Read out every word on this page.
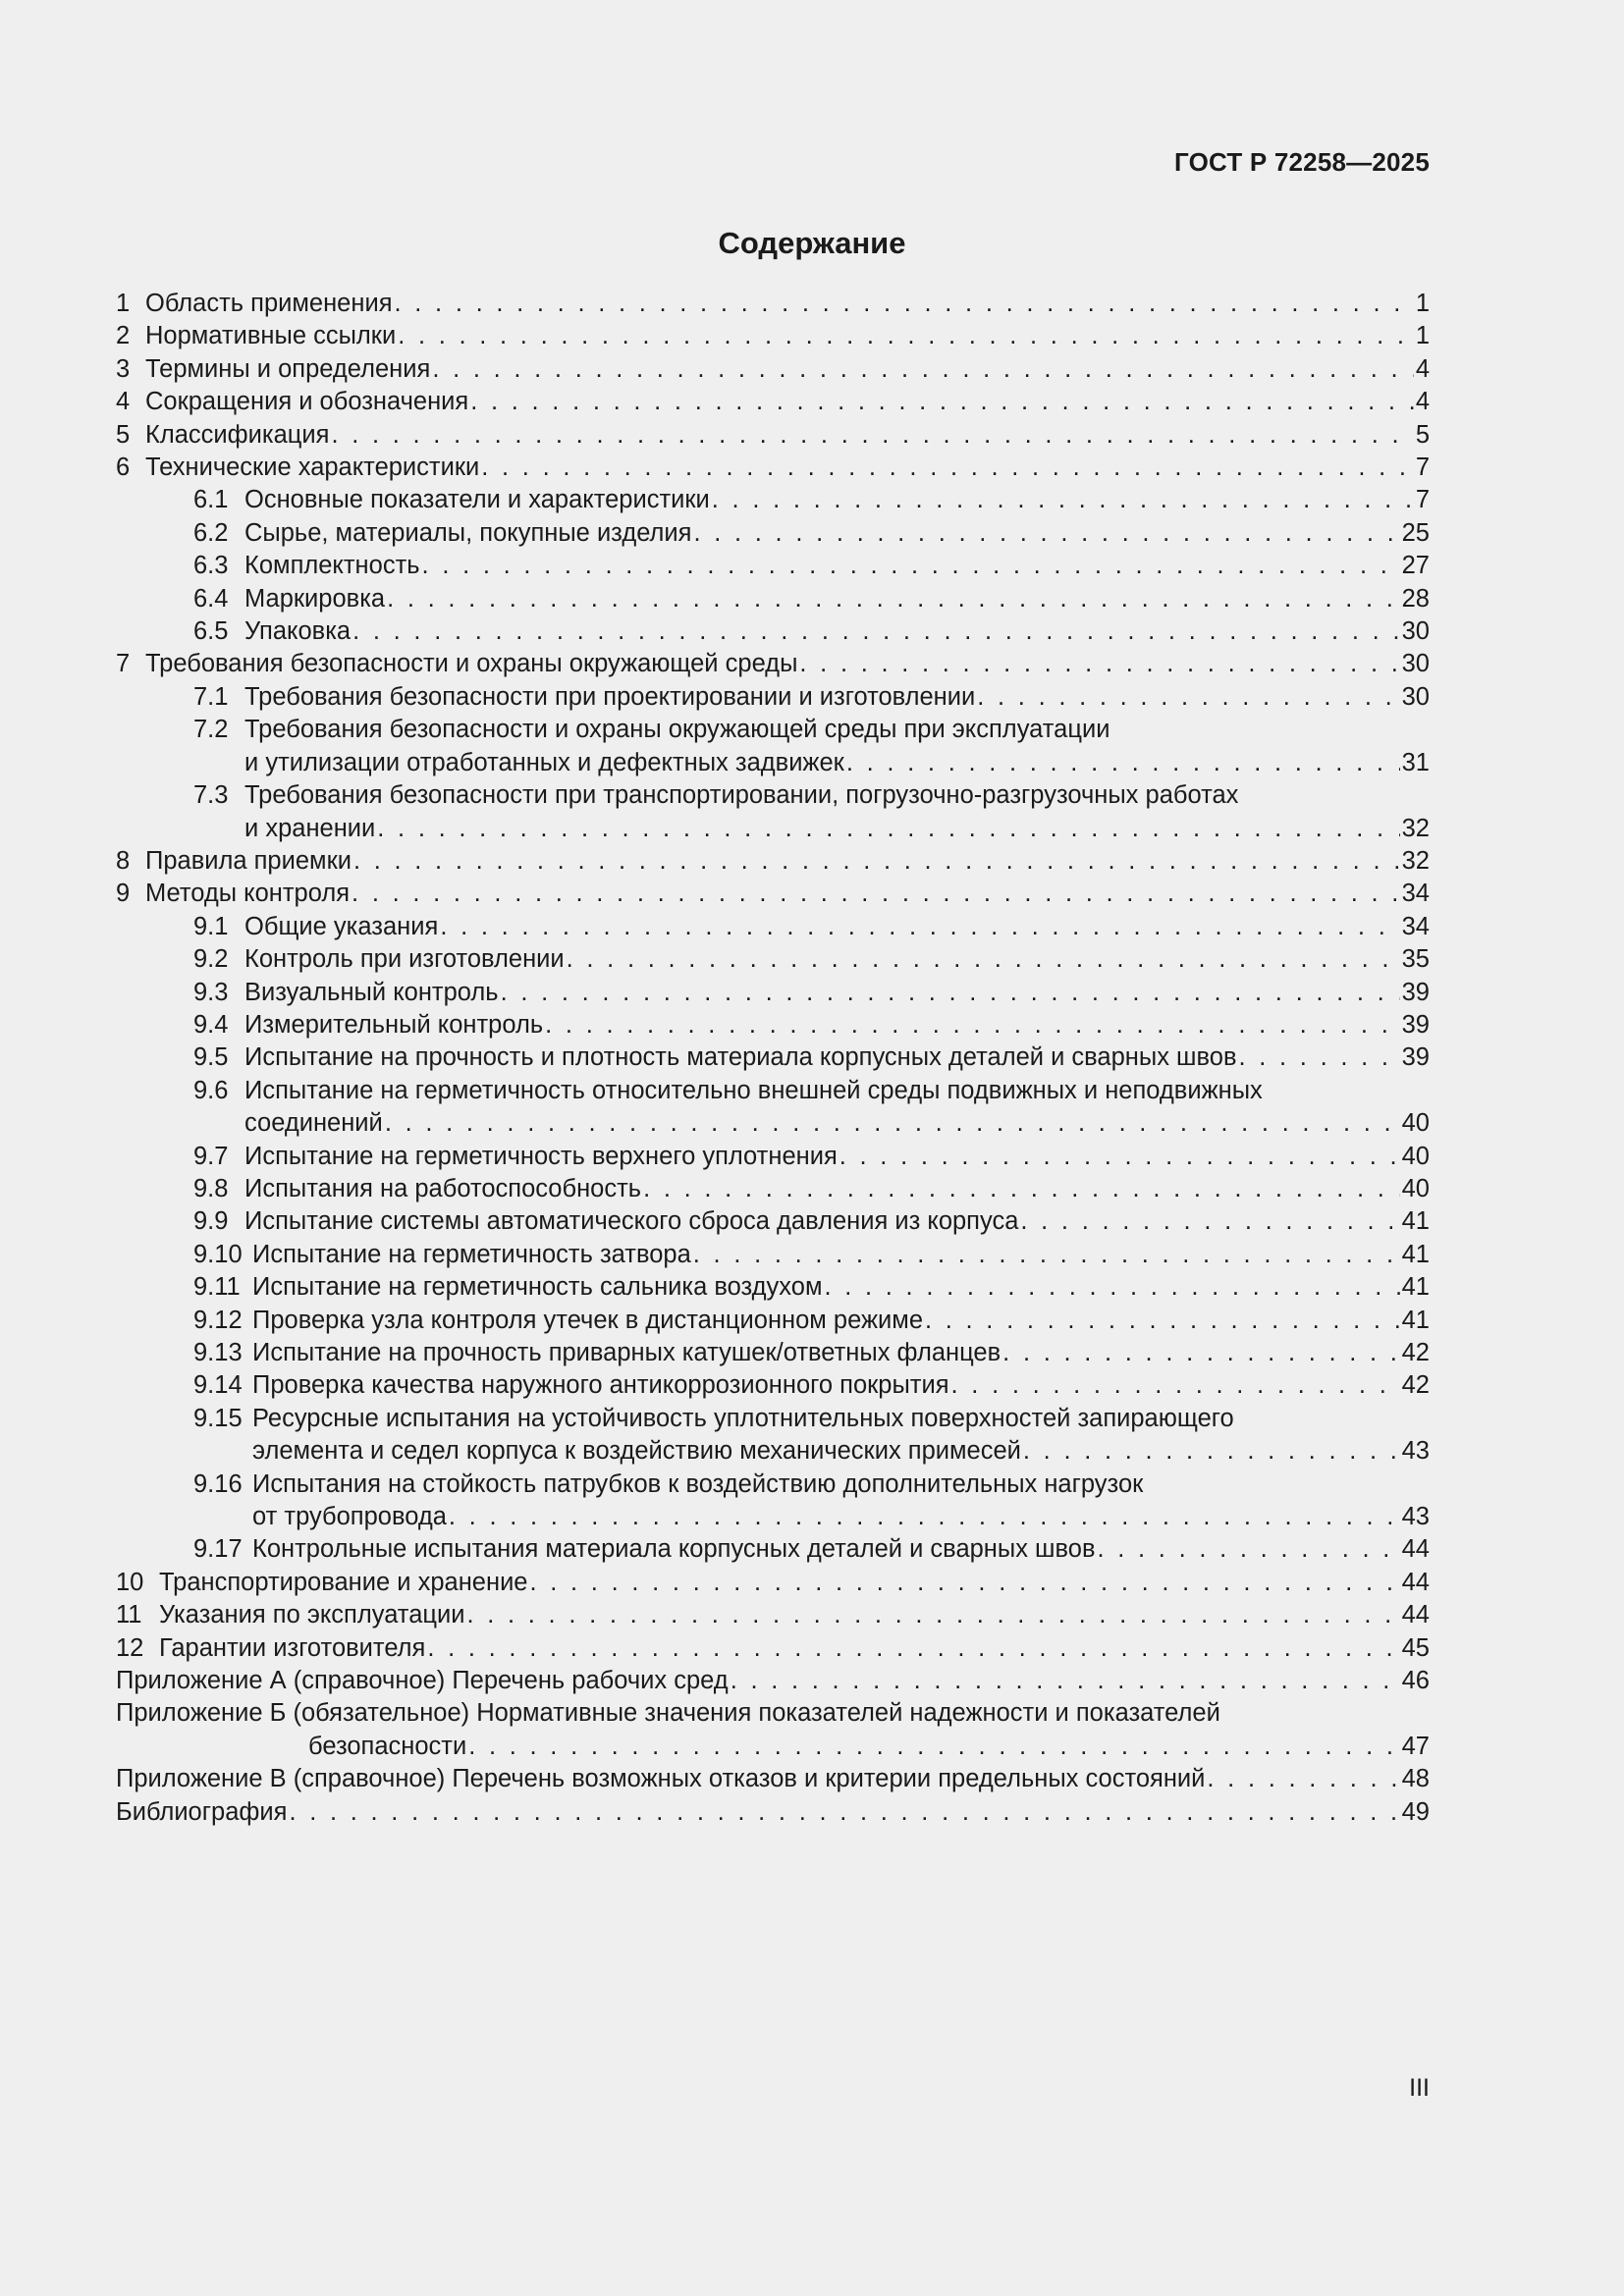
ГОСТ Р 72258—2025
Содержание
1 Область применения . . .	1
2 Нормативные ссылки . . .	1
3 Термины и определения . . .	4
4 Сокращения и обозначения . . .	4
5 Классификация . . .	5
6 Технические характеристики . . .	7
6.1 Основные показатели и характеристики . . .	7
6.2 Сырье, материалы, покупные изделия . . .	25
6.3 Комплектность . . .	27
6.4 Маркировка . . .	28
6.5 Упаковка . . .	30
7 Требования безопасности и охраны окружающей среды . . .	30
7.1 Требования безопасности при проектировании и изготовлении . . .	30
7.2 Требования безопасности и охраны окружающей среды при эксплуатации
и утилизации отработанных и дефектных задвижек . . .	31
7.3 Требования безопасности при транспортировании, погрузочно-разгрузочных работах
и хранении . . .	32
8 Правила приемки . . .	32
9 Методы контроля . . .	34
9.1 Общие указания . . .	34
9.2 Контроль при изготовлении . . .	35
9.3 Визуальный контроль . . .	39
9.4 Измерительный контроль . . .	39
9.5 Испытание на прочность и плотность материала корпусных деталей и сварных швов . . .	39
9.6 Испытание на герметичность относительно внешней среды подвижных и неподвижных
соединений . . .	40
9.7 Испытание на герметичность верхнего уплотнения . . .	40
9.8 Испытания на работоспособность . . .	40
9.9 Испытание системы автоматического сброса давления из корпуса . . .	41
9.10 Испытание на герметичность затвора . . .	41
9.11 Испытание на герметичность сальника воздухом . . .	41
9.12 Проверка узла контроля утечек в дистанционном режиме . . .	41
9.13 Испытание на прочность приварных катушек/ответных фланцев . . .	42
9.14 Проверка качества наружного антикоррозионного покрытия . . .	42
9.15 Ресурсные испытания на устойчивость уплотнительных поверхностей запирающего
элемента и седел корпуса к воздействию механических примесей . . .	43
9.16 Испытания на стойкость патрубков к воздействию дополнительных нагрузок
от трубопровода . . .	43
9.17 Контрольные испытания материала корпусных деталей и сварных швов . . .	44
10 Транспортирование и хранение . . .	44
11 Указания по эксплуатации . . .	44
12 Гарантии изготовителя . . .	45
Приложение А (справочное) Перечень рабочих сред . . .	46
Приложение Б (обязательное) Нормативные значения показателей надежности и показателей
безопасности . . .	47
Приложение В (справочное) Перечень возможных отказов и критерии предельных состояний . . .	48
Библиография . . .	49
III
